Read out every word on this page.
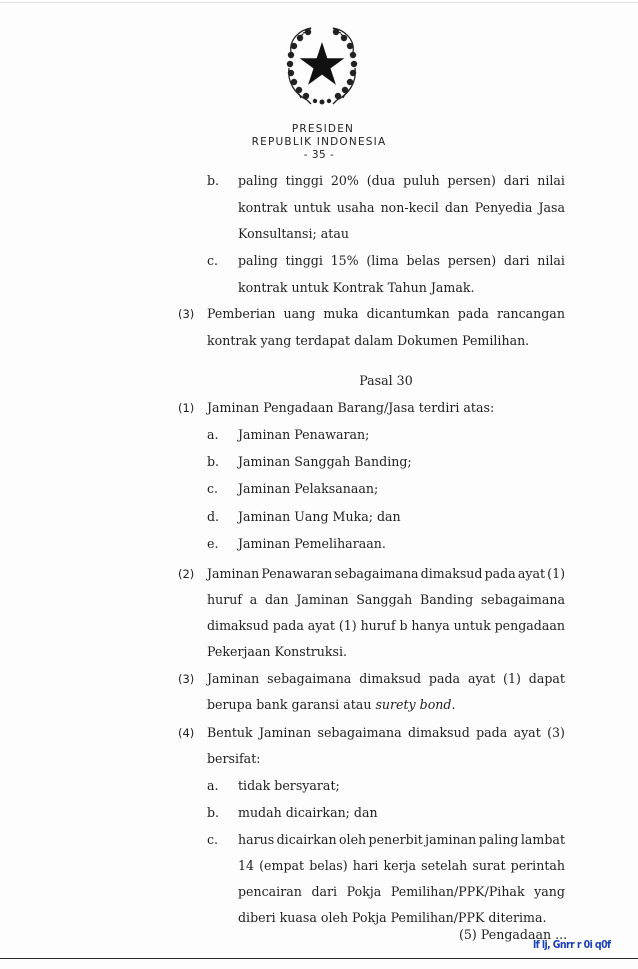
PRESIDEN
REPUBLIK INDONESIA
- 35 -
b. paling tinggi 20% (dua puluh persen) dari nilai
kontrak untuk usaha non-kecil dan Penyedia Jasa
Konsultansi; atau
c. paling tinggi 15% (lima belas persen) dari nilai
kontrak untuk Kontrak Tahun Jamak.
(3) Pemberian uang muka dicantumkan pada rancangan
kontrak yang terdapat dalam Dokumen Pemilihan.
Pasal 30
(1) Jaminan Pengadaan Barang/Jasa terdiri atas:
a. Jaminan Penawaran;
b. Jaminan Sanggah Banding;
c. Jaminan Pelaksanaan;
d. Jaminan Uang Muka; dan
e. Jaminan Pemeliharaan.
(2) Jaminan Penawaran sebagaimana dimaksud pada ayat (1)
huruf a dan Jaminan Sanggah Banding sebagaimana
dimaksud pada ayat (1) huruf b hanya untuk pengadaan
Pekerjaan Konstruksi.
(3) Jaminan sebagaimana dimaksud pada ayat (1) dapat
berupa bank garansi atau surety bond.
(4) Bentuk Jaminan sebagaimana dimaksud pada ayat (3)
bersifat:
a. tidak bersyarat;
b. mudah dicairkan; dan
c. harus dicairkan oleh penerbit jaminan paling lambat
14 (empat belas) hari kerja setelah surat perintah
pencairan dari Pokja Pemilihan/PPK/Pihak yang
diberi kuasa oleh Pokja Pemilihan/PPK diterima.
(5) Pengadaan ...
lf lj, Gnrr r 0i q0f
